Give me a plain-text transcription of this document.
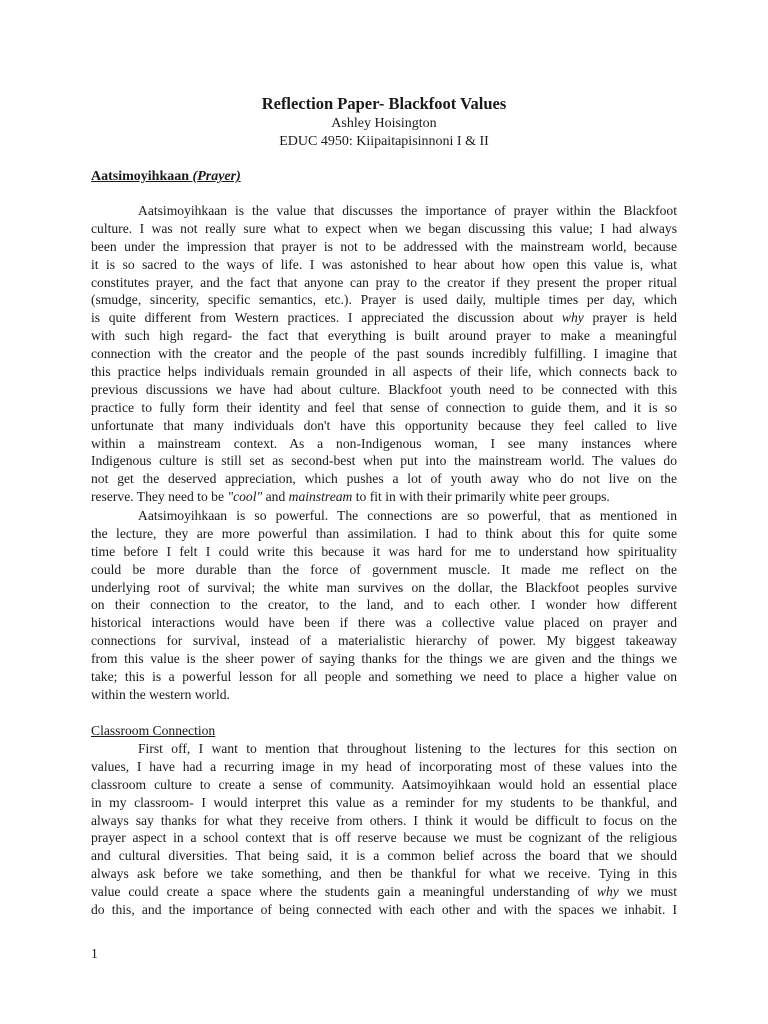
Reflection Paper- Blackfoot Values
Ashley Hoisington
EDUC 4950: Kiipaitapisinnoni I & II
Aatsimoyihkaan (Prayer)
Aatsimoyihkaan is the value that discusses the importance of prayer within the Blackfoot
culture. I was not really sure what to expect when we began discussing this value; I had always
been under the impression that prayer is not to be addressed with the mainstream world, because
it is so sacred to the ways of life. I was astonished to hear about how open this value is, what
constitutes prayer, and the fact that anyone can pray to the creator if they present the proper ritual
(smudge, sincerity, specific semantics, etc.). Prayer is used daily, multiple times per day, which
is quite different from Western practices. I appreciated the discussion about why prayer is held
with such high regard- the fact that everything is built around prayer to make a meaningful
connection with the creator and the people of the past sounds incredibly fulfilling. I imagine that
this practice helps individuals remain grounded in all aspects of their life, which connects back to
previous discussions we have had about culture. Blackfoot youth need to be connected with this
practice to fully form their identity and feel that sense of connection to guide them, and it is so
unfortunate that many individuals don't have this opportunity because they feel called to live
within a mainstream context. As a non-Indigenous woman, I see many instances where
Indigenous culture is still set as second-best when put into the mainstream world. The values do
not get the deserved appreciation, which pushes a lot of youth away who do not live on the
reserve. They need to be "cool" and mainstream to fit in with their primarily white peer groups.
Aatsimoyihkaan is so powerful. The connections are so powerful, that as mentioned in
the lecture, they are more powerful than assimilation. I had to think about this for quite some
time before I felt I could write this because it was hard for me to understand how spirituality
could be more durable than the force of government muscle. It made me reflect on the
underlying root of survival; the white man survives on the dollar, the Blackfoot peoples survive
on their connection to the creator, to the land, and to each other. I wonder how different
historical interactions would have been if there was a collective value placed on prayer and
connections for survival, instead of a materialistic hierarchy of power. My biggest takeaway
from this value is the sheer power of saying thanks for the things we are given and the things we
take; this is a powerful lesson for all people and something we need to place a higher value on
within the western world.
Classroom Connection
First off, I want to mention that throughout listening to the lectures for this section on
values, I have had a recurring image in my head of incorporating most of these values into the
classroom culture to create a sense of community. Aatsimoyihkaan would hold an essential place
in my classroom- I would interpret this value as a reminder for my students to be thankful, and
always say thanks for what they receive from others. I think it would be difficult to focus on the
prayer aspect in a school context that is off reserve because we must be cognizant of the religious
and cultural diversities. That being said, it is a common belief across the board that we should
always ask before we take something, and then be thankful for what we receive. Tying in this
value could create a space where the students gain a meaningful understanding of why we must
do this, and the importance of being connected with each other and with the spaces we inhabit. I
1
